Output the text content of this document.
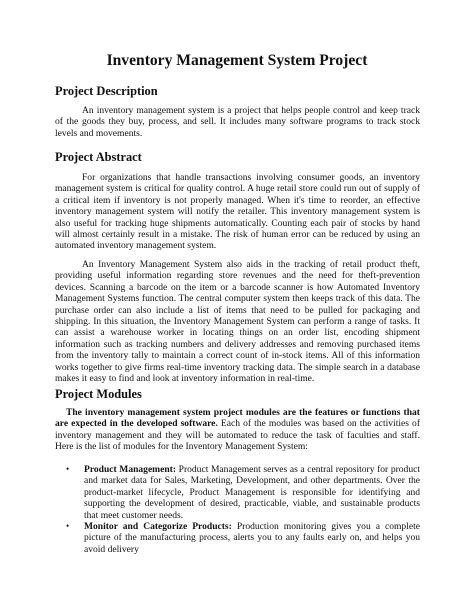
Inventory Management System Project
Project Description

An inventory management system is a project that helps people control and keep track of the goods they buy, process, and sell. It includes many software programs to track stock levels and movements.

Project Abstract

For organizations that handle transactions involving consumer goods, an inventory management system is critical for quality control. A huge retail store could run out of supply of a critical item if inventory is not properly managed. When it's time to reorder, an effective inventory management system will notify the retailer. This inventory management system is also useful for tracking huge shipments automatically. Counting each pair of stocks by hand will almost certainly result in a mistake. The risk of human error can be reduced by using an automated inventory management system.

An Inventory Management System also aids in the tracking of retail product theft, providing useful information regarding store revenues and the need for theft-prevention devices. Scanning a barcode on the item or a barcode scanner is how Automated Inventory Management Systems function. The central computer system then keeps track of this data. The purchase order can also include a list of items that need to be pulled for packaging and shipping. In this situation, the Inventory Management System can perform a range of tasks. It can assist a warehouse worker in locating things on an order list, encoding shipment information such as tracking numbers and delivery addresses and removing purchased items from the inventory tally to maintain a correct count of in-stock items. All of this information works together to give firms real-time inventory tracking data. The simple search in a database makes it easy to find and look at inventory information in real-time.

Project Modules

The inventory management system project modules are the features or functions that are expected in the developed software. Each of the modules was based on the activities of inventory management and they will be automated to reduce the task of faculties and staff. Here is the list of modules for the Inventory Management System:

• Product Management: Product Management serves as a central repository for product and market data for Sales, Marketing, Development, and other departments. Over the product-market lifecycle, Product Management is responsible for identifying and supporting the development of desired, practicable, viable, and sustainable products that meet customer needs.
• Monitor and Categorize Products: Production monitoring gives you a complete picture of the manufacturing process, alerts you to any faults early on, and helps you avoid delivery
